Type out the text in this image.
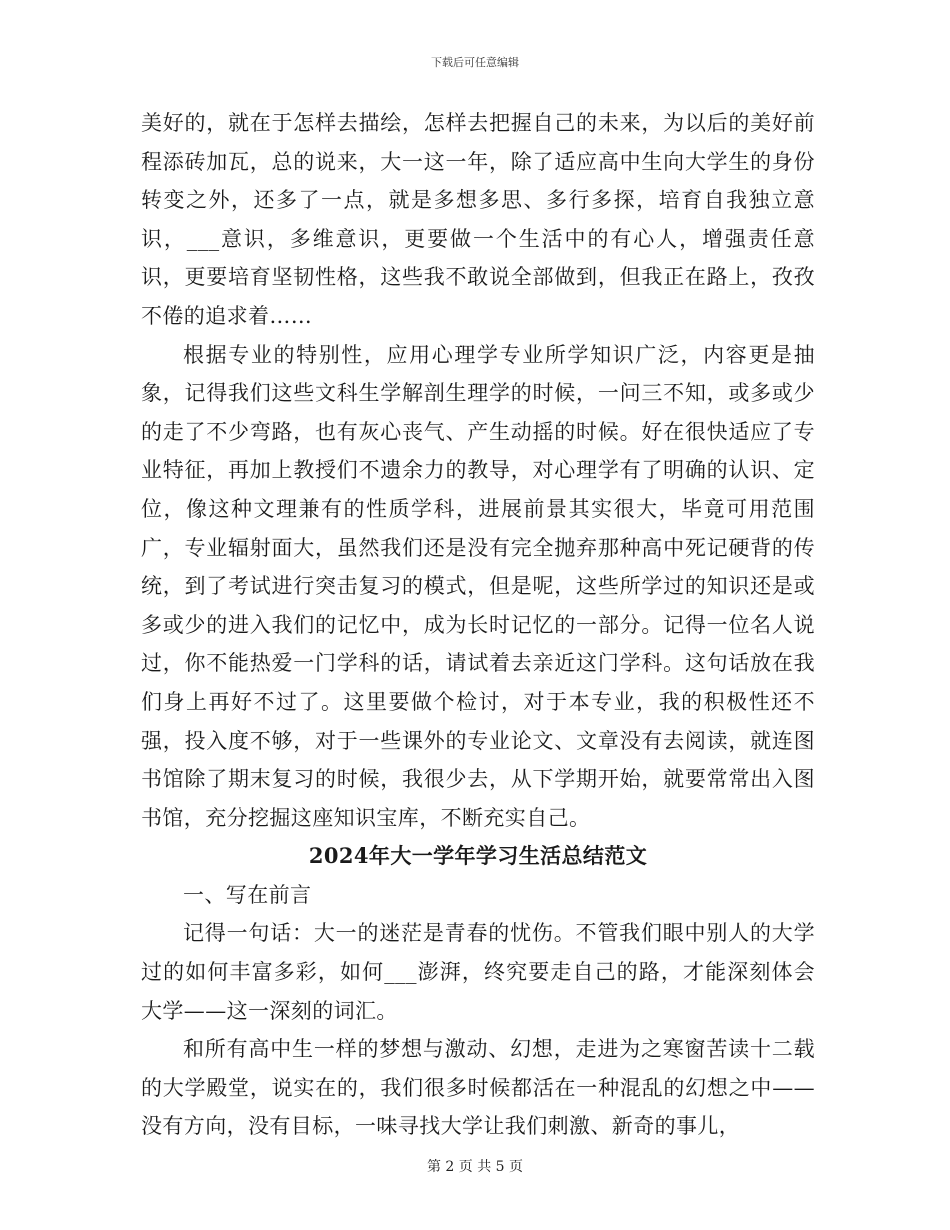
下载后可任意编辑

美好的，就在于怎样去描绘，怎样去把握自己的未来，为以后的美好前程添砖加瓦，总的说来，大一这一年，除了适应高中生向大学生的身份转变之外，还多了一点，就是多想多思、多行多探，培育自我独立意识，___意识，多维意识，更要做一个生活中的有心人，增强责任意识，更要培育坚韧性格，这些我不敢说全部做到，但我正在路上，孜孜不倦的追求着……

根据专业的特别性，应用心理学专业所学知识广泛，内容更是抽象，记得我们这些文科生学解剖生理学的时候，一问三不知，或多或少的走了不少弯路，也有灰心丧气、产生动摇的时候。好在很快适应了专业特征，再加上教授们不遗余力的教导，对心理学有了明确的认识、定位，像这种文理兼有的性质学科，进展前景其实很大，毕竟可用范围广，专业辐射面大，虽然我们还是没有完全抛弃那种高中死记硬背的传统，到了考试进行突击复习的模式，但是呢，这些所学过的知识还是或多或少的进入我们的记忆中，成为长时记忆的一部分。记得一位名人说过，你不能热爱一门学科的话，请试着去亲近这门学科。这句话放在我们身上再好不过了。这里要做个检讨，对于本专业，我的积极性还不强，投入度不够，对于一些课外的专业论文、文章没有去阅读，就连图书馆除了期末复习的时候，我很少去，从下学期开始，就要常常出入图书馆，充分挖掘这座知识宝库，不断充实自己。

2024年大一学年学习生活总结范文

一、写在前言

记得一句话：大一的迷茫是青春的忧伤。不管我们眼中别人的大学过的如何丰富多彩，如何___澎湃，终究要走自己的路，才能深刻体会大学——这一深刻的词汇。

和所有高中生一样的梦想与激动、幻想，走进为之寒窗苦读十二载的大学殿堂，说实在的，我们很多时候都活在一种混乱的幻想之中——没有方向，没有目标，一味寻找大学让我们刺激、新奇的事儿，

第 2 页 共 5 页
